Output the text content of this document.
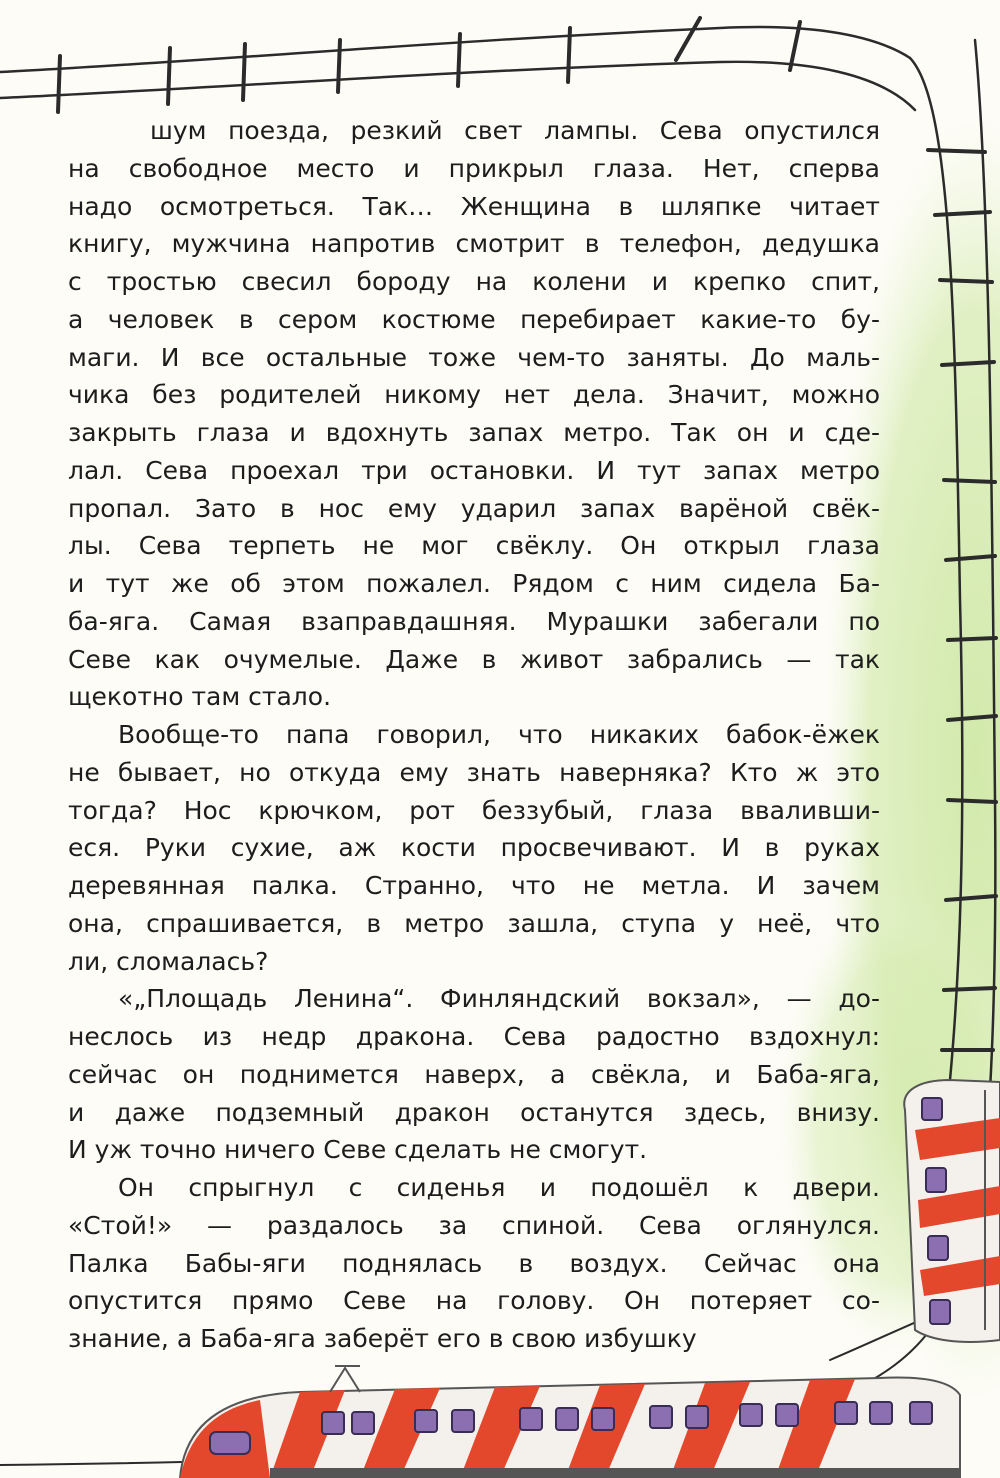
шум поезда, резкий свет лампы. Сева опустился
на свободное место и прикрыл глаза. Нет, сперва
надо осмотреться. Так… Женщина в шляпке читает
книгу, мужчина напротив смотрит в телефон, дедушка
с тростью свесил бороду на колени и крепко спит,
а человек в сером костюме перебирает какие-то бу-
маги. И все остальные тоже чем-то заняты. До маль-
чика без родителей никому нет дела. Значит, можно
закрыть глаза и вдохнуть запах метро. Так он и сде-
лал. Сева проехал три остановки. И тут запах метро
пропал. Зато в нос ему ударил запах варёной свёк-
лы. Сева терпеть не мог свёклу. Он открыл глаза
и тут же об этом пожалел. Рядом с ним сидела Ба-
ба-яга. Самая взаправдашняя. Мурашки забегали по
Севе как очумелые. Даже в живот забрались — так
щекотно там стало.

Вообще-то папа говорил, что никаких бабок-ёжек
не бывает, но откуда ему знать наверняка? Кто ж это
тогда? Нос крючком, рот беззубый, глаза вваливши-
еся. Руки сухие, аж кости просвечивают. И в руках
деревянная палка. Странно, что не метла. И зачем
она, спрашивается, в метро зашла, ступа у неё, что
ли, сломалась?

«„Площадь Ленина“. Финляндский вокзал», — до-
неслось из недр дракона. Сева радостно вздохнул:
сейчас он поднимется наверх, а свёкла, и Баба-яга,
и даже подземный дракон останутся здесь, внизу.
И уж точно ничего Севе сделать не смогут.

Он спрыгнул с сиденья и подошёл к двери.
«Стой!» — раздалось за спиной. Сева оглянулся.
Палка Бабы-яги поднялась в воздух. Сейчас она
опустится прямо Севе на голову. Он потеряет со-
знание, а Баба-яга заберёт его в свою избушку
